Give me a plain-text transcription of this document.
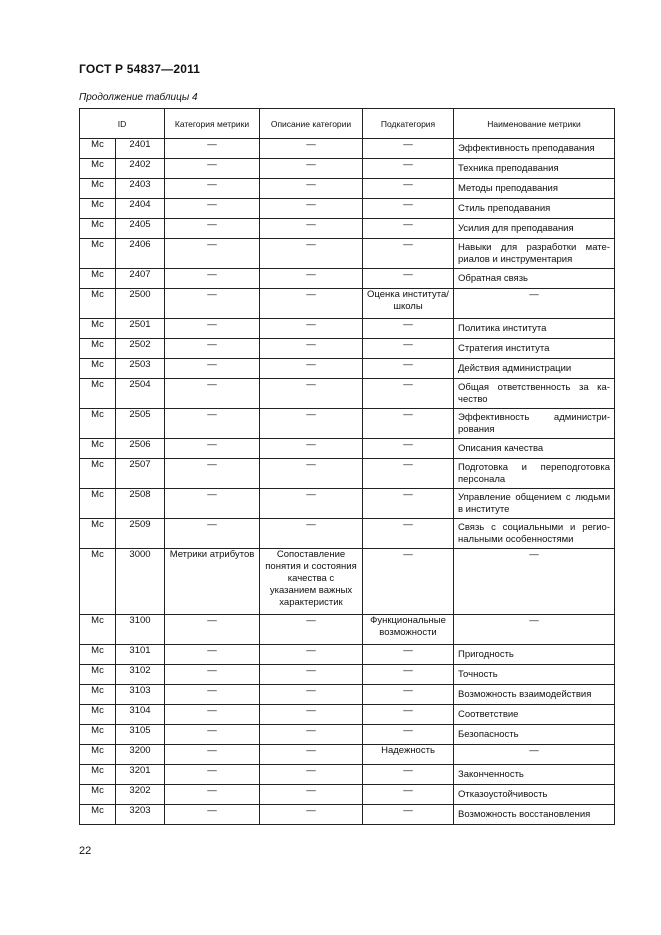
ГОСТ Р 54837—2011
Продолжение таблицы 4
ID		Категория метрики	Описание категории	Подкатегория	Наименование метрики
Мс	2401	—	—	—	Эффективность преподавания
Мс	2402	—	—	—	Техника преподавания
Мс	2403	—	—	—	Методы преподавания
Мс	2404	—	—	—	Стиль преподавания
Мс	2405	—	—	—	Усилия для преподавания
Мс	2406	—	—	—	Навыки для разработки материалов и инструментария
Мс	2407	—	—	—	Обратная связь
Мс	2500	—	—	Оценка института/школы	—
Мс	2501	—	—	—	Политика института
Мс	2502	—	—	—	Стратегия института
Мс	2503	—	—	—	Действия администрации
Мс	2504	—	—	—	Общая ответственность за качество
Мс	2505	—	—	—	Эффективность администрирования
Мс	2506	—	—	—	Описания качества
Мс	2507	—	—	—	Подготовка и переподготовка персонала
Мс	2508	—	—	—	Управление общением с людьми в институте
Мс	2509	—	—	—	Связь с социальными и региональными особенностями
Мс	3000	Метрики атрибутов	Сопоставление понятия и состояния качества с указанием важных характеристик	—	—
Мс	3100	—	—	Функциональные возможности	—
Мс	3101	—	—	—	Пригодность
Мс	3102	—	—	—	Точность
Мс	3103	—	—	—	Возможность взаимодействия
Мс	3104	—	—	—	Соответствие
Мс	3105	—	—	—	Безопасность
Мс	3200	—	—	Надежность	—
Мс	3201	—	—	—	Законченность
Мс	3202	—	—	—	Отказоустойчивость
Мс	3203	—	—	—	Возможность восстановления
22
